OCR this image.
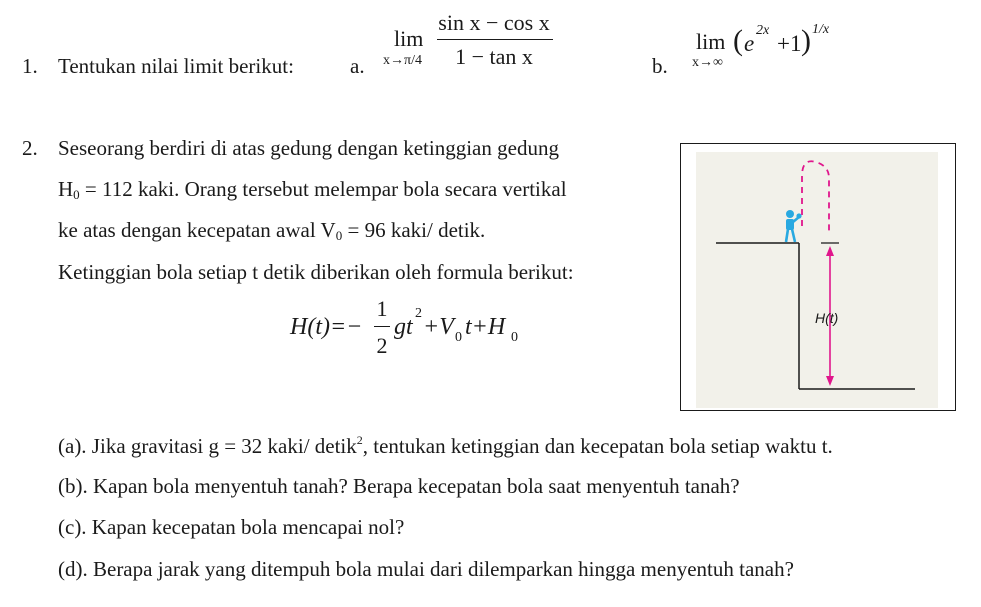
1. Tentukan nilai limit berikut:	a.
lim
x→π/4
sin x − cos x
1 − tan x	b.
lim
x→∞
( e
2x
+1 ) 1/x
2. Seseorang berdiri di atas gedung dengan ketinggian gedung
$H_0 = 112$ kaki. Orang tersebut melempar bola secara vertikal
ke atas dengan kecepatan awal $V_0 = 96$ kaki/ detik.
Ketinggian bola setiap t detik diberikan oleh formula berikut:
H(t)=−
1
2
gt
2
+V 0 t+H 0
H(t)
(a). Jika gravitasi g = 32 kaki/ detik$^2$, tentukan ketinggian dan kecepatan bola setiap waktu t.
(b). Kapan bola menyentuh tanah? Berapa kecepatan bola saat menyentuh tanah?
(c). Kapan kecepatan bola mencapai nol?
(d). Berapa jarak yang ditempuh bola mulai dari dilemparkan hingga menyentuh tanah?
